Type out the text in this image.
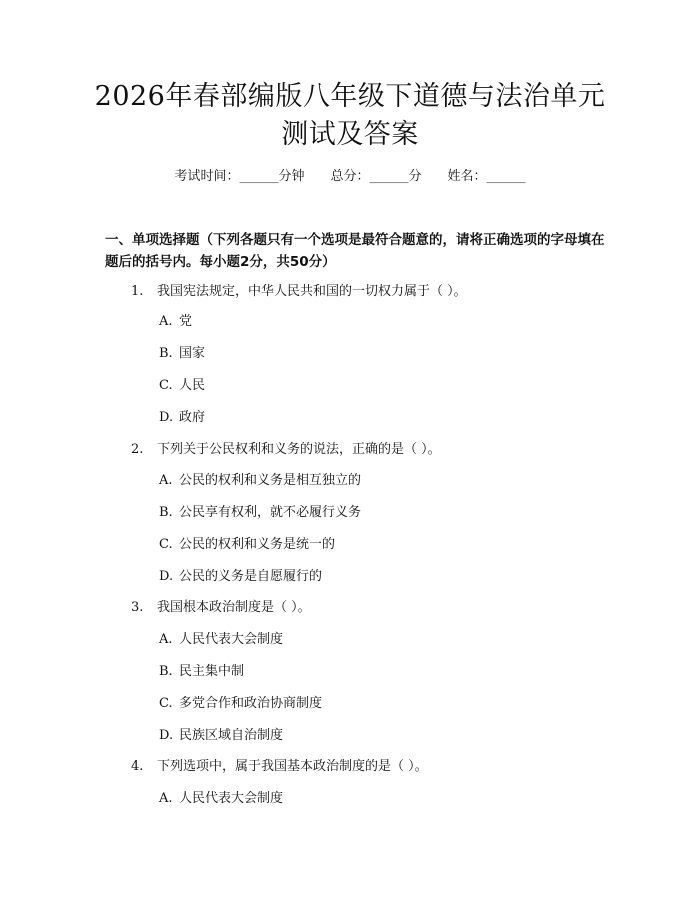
2026年春部编版八年级下道德与法治单元测试及答案
考试时间：______分钟 总分：______分 姓名：______
一、单项选择题（下列各题只有一个选项是最符合题意的，请将正确选项的字母填在题后的括号内。每小题2分，共50分）
1. 我国宪法规定，中华人民共和国的一切权力属于（ ）。
A. 党
B. 国家
C. 人民
D. 政府
2. 下列关于公民权利和义务的说法，正确的是（ ）。
A. 公民的权利和义务是相互独立的
B. 公民享有权利，就不必履行义务
C. 公民的权利和义务是统一的
D. 公民的义务是自愿履行的
3. 我国根本政治制度是（ ）。
A. 人民代表大会制度
B. 民主集中制
C. 多党合作和政治协商制度
D. 民族区域自治制度
4. 下列选项中，属于我国基本政治制度的是（ ）。
A. 人民代表大会制度
